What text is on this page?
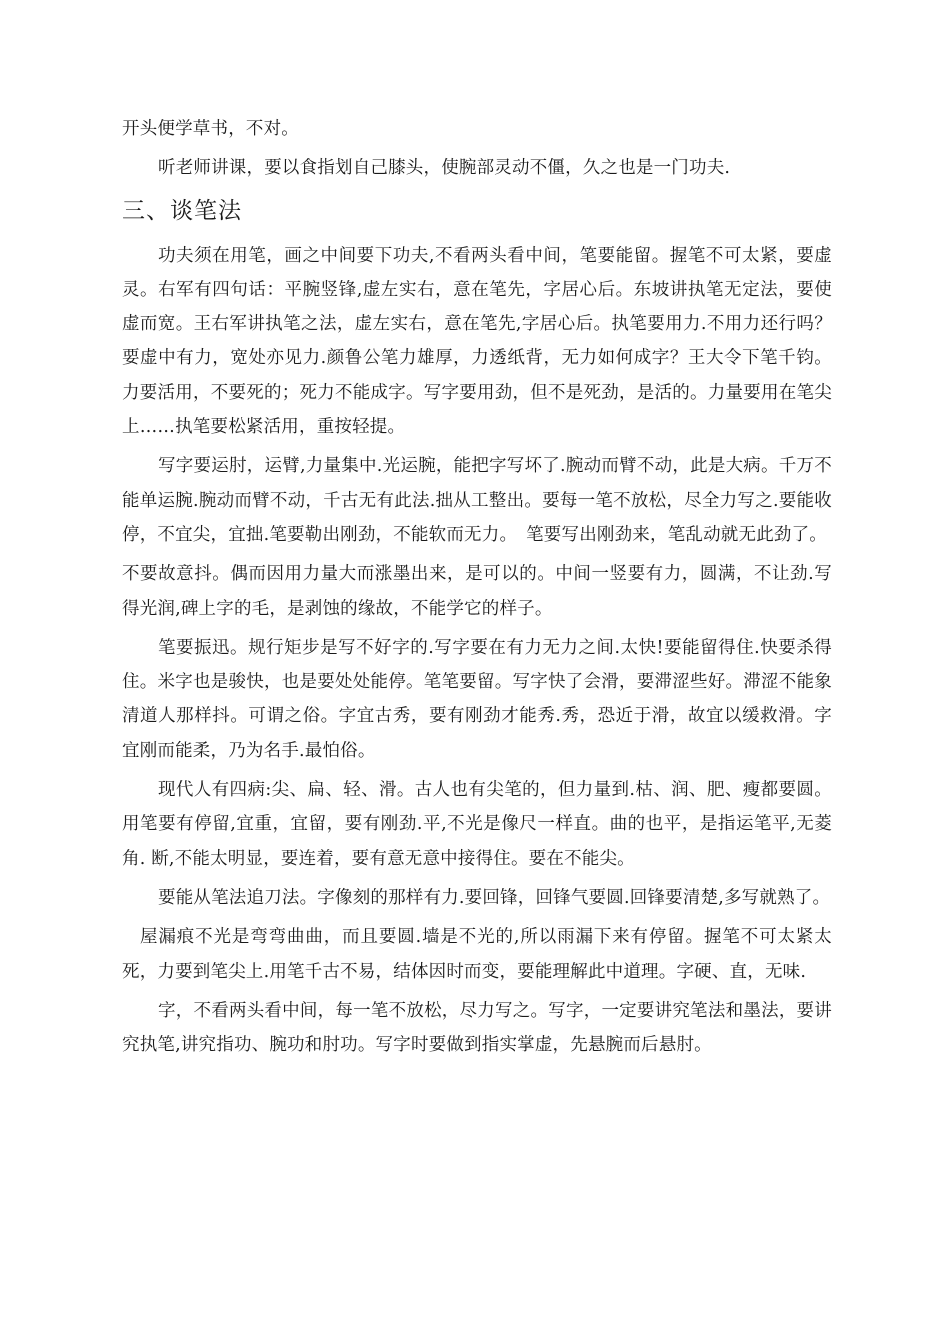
开头便学草书，不对。

听老师讲课，要以食指划自己膝头，使腕部灵动不僵，久之也是一门功夫.

三、谈笔法

功夫须在用笔，画之中间要下功夫,不看两头看中间，笔要能留。握笔不可太紧，要虚灵。右军有四句话：平腕竖锋,虚左实右，意在笔先，字居心后。东坡讲执笔无定法，要使虚而宽。王右军讲执笔之法，虚左实右，意在笔先,字居心后。执笔要用力.不用力还行吗？要虚中有力，宽处亦见力.颜鲁公笔力雄厚，力透纸背，无力如何成字？王大令下笔千钧。力要活用，不要死的；死力不能成字。写字要用劲，但不是死劲，是活的。力量要用在笔尖上……执笔要松紧活用，重按轻提。

写字要运肘，运臂,力量集中.光运腕，能把字写坏了.腕动而臂不动，此是大病。千万不能单运腕.腕动而臂不动，千古无有此法.拙从工整出。要每一笔不放松，尽全力写之.要能收停，不宜尖，宜拙.笔要勒出刚劲，不能软而无力。　笔要写出刚劲来，笔乱动就无此劲了。

不要故意抖。偶而因用力量大而涨墨出来，是可以的。中间一竖要有力，圆满，不让劲.写得光润,碑上字的毛，是剥蚀的缘故，不能学它的样子。

笔要振迅。规行矩步是写不好字的.写字要在有力无力之间.太快!要能留得住.快要杀得住。米字也是骏快，也是要处处能停。笔笔要留。写字快了会滑，要滞涩些好。滞涩不能象清道人那样抖。可谓之俗。字宜古秀，要有刚劲才能秀.秀，恐近于滑，故宜以缓救滑。字宜刚而能柔，乃为名手.最怕俗。

现代人有四病:尖、扁、轻、滑。古人也有尖笔的，但力量到.枯、润、肥、瘦都要圆。用笔要有停留,宜重，宜留，要有刚劲.平,不光是像尺一样直。曲的也平，是指运笔平,无菱角. 断,不能太明显，要连着，要有意无意中接得住。要在不能尖。

要能从笔法追刀法。字像刻的那样有力.要回锋，回锋气要圆.回锋要清楚,多写就熟了。

屋漏痕不光是弯弯曲曲，而且要圆.墙是不光的,所以雨漏下来有停留。握笔不可太紧太死，力要到笔尖上.用笔千古不易，结体因时而变，要能理解此中道理。字硬、直，无味.

字，不看两头看中间，每一笔不放松，尽力写之。写字，一定要讲究笔法和墨法，要讲究执笔,讲究指功、腕功和肘功。写字时要做到指实掌虚，先悬腕而后悬肘。
